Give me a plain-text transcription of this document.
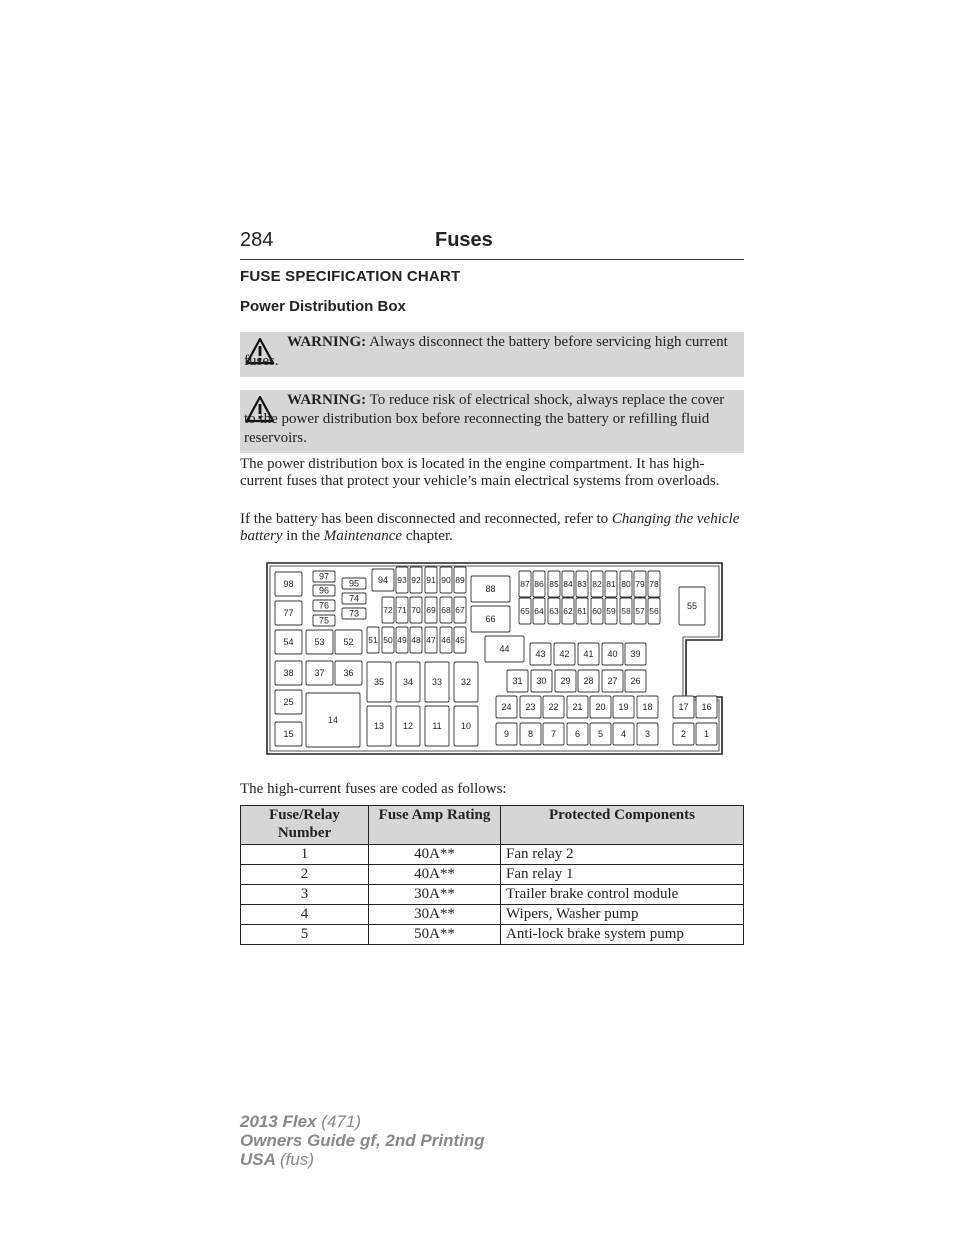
284	Fuses
FUSE SPECIFICATION CHART
Power Distribution Box
WARNING: Always disconnect the battery before servicing high current fuses.
WARNING: To reduce risk of electrical shock, always replace the cover to the power distribution box before reconnecting the battery or refilling fluid reservoirs.
The power distribution box is located in the engine compartment. It has high-current fuses that protect your vehicle’s main electrical systems from overloads.
If the battery has been disconnected and reconnected, refer to Changing the vehicle battery in the Maintenance chapter.
98
77
54
38
25
15
97
96
76
75
95
74
73
53 52
37 36
14
94 93 92 91 90 89
72 71 70 69 68 67
51 50 49 48 47 46 45
35 34 33 32
13 12 11 10
88
66
44
87
65
86
64
85
63
84
62
83
61
82
60
81
59
80
58
79
57
78
56	55
43 42 41 40 39
31 30 29 28 27 26
24 23 22 21 20 19 18
9 8 7 6 5 4 3
17 16
2 1
The high-current fuses are coded as follows:
Fuse/Relay Number	Fuse Amp Rating	Protected Components
1	40A**	Fan relay 2
2	40A**	Fan relay 1
3	30A**	Trailer brake control module
4	30A**	Wipers, Washer pump
5	50A**	Anti-lock brake system pump
2013 Flex (471)
Owners Guide gf, 2nd Printing
USA (fus)
